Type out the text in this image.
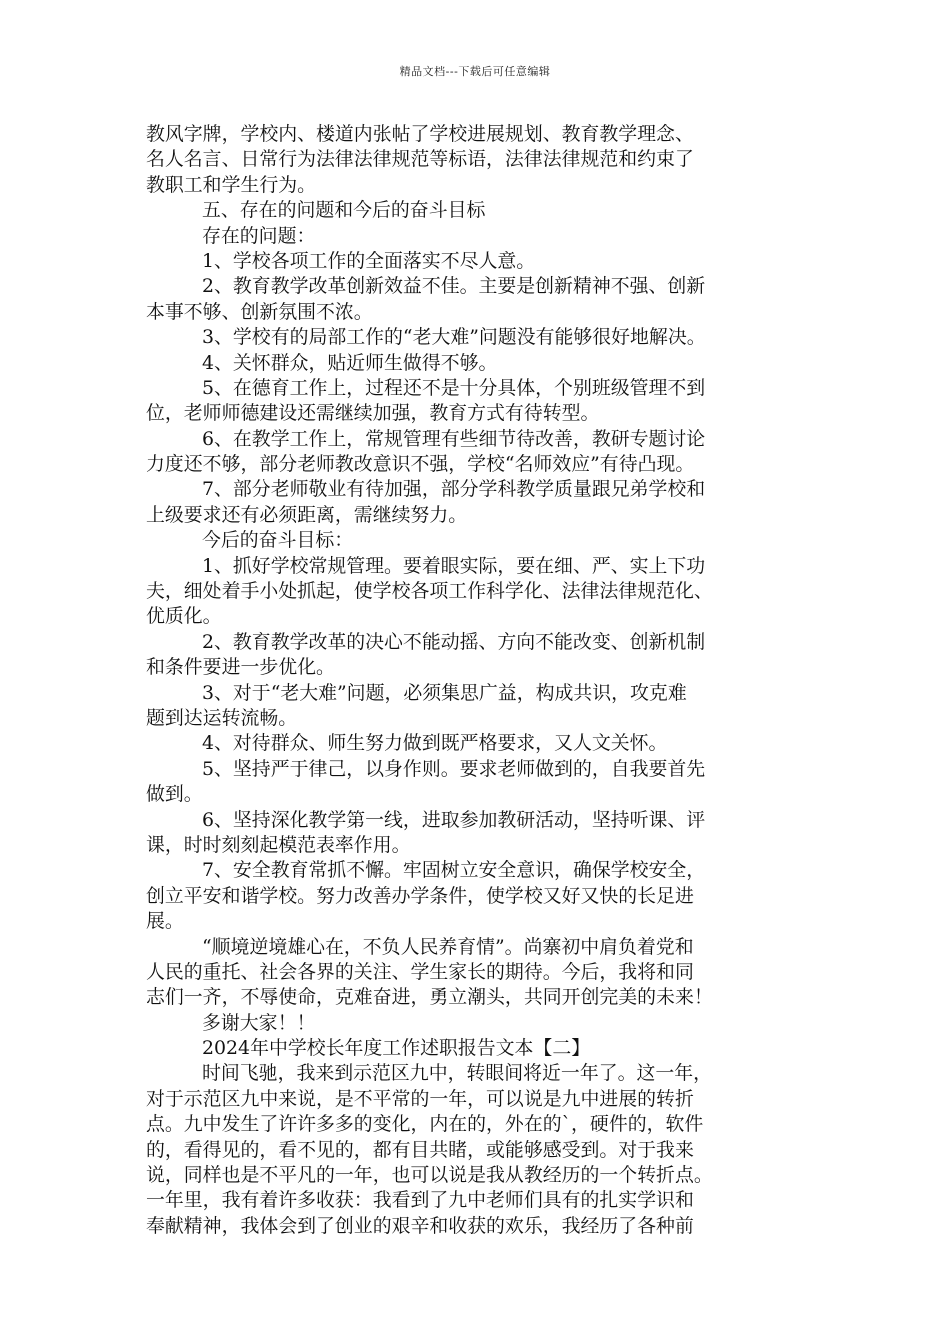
精品文档---下载后可任意编辑
教风字牌，学校内、楼道内张帖了学校进展规划、教育教学理念、
名人名言、日常行为法律法律规范等标语，法律法律规范和约束了
教职工和学生行为。
五、存在的问题和今后的奋斗目标
存在的问题：
1、学校各项工作的全面落实不尽人意。
2、教育教学改革创新效益不佳。主要是创新精神不强、创新
本事不够、创新氛围不浓。
3、学校有的局部工作的“老大难”问题没有能够很好地解决。
4、关怀群众，贴近师生做得不够。
5、在德育工作上，过程还不是十分具体，个别班级管理不到
位，老师师德建设还需继续加强，教育方式有待转型。
6、在教学工作上，常规管理有些细节待改善，教研专题讨论
力度还不够，部分老师教改意识不强，学校“名师效应”有待凸现。
7、部分老师敬业有待加强，部分学科教学质量跟兄弟学校和
上级要求还有必须距离，需继续努力。
今后的奋斗目标：
1、抓好学校常规管理。要着眼实际，要在细、严、实上下功
夫，细处着手小处抓起，使学校各项工作科学化、法律法律规范化、
优质化。
2、教育教学改革的决心不能动摇、方向不能改变、创新机制
和条件要进一步优化。
3、对于“老大难”问题，必须集思广益，构成共识，攻克难
题到达运转流畅。
4、对待群众、师生努力做到既严格要求，又人文关怀。
5、坚持严于律己，以身作则。要求老师做到的，自我要首先
做到。
6、坚持深化教学第一线，进取参加教研活动，坚持听课、评
课，时时刻刻起模范表率作用。
7、安全教育常抓不懈。牢固树立安全意识，确保学校安全，
创立平安和谐学校。努力改善办学条件，使学校又好又快的长足进
展。
“顺境逆境雄心在，不负人民养育情”。尚寨初中肩负着党和
人民的重托、社会各界的关注、学生家长的期待。今后，我将和同
志们一齐，不辱使命，克难奋进，勇立潮头，共同开创完美的未来！
多谢大家！！
2024年中学校长年度工作述职报告文本【二】
时间飞驰，我来到示范区九中，转眼间将近一年了。这一年，
对于示范区九中来说，是不平常的一年，可以说是九中进展的转折
点。九中发生了许许多多的变化，内在的，外在的`，硬件的，软件
的，看得见的，看不见的，都有目共睹，或能够感受到。对于我来
说，同样也是不平凡的一年，也可以说是我从教经历的一个转折点。
一年里，我有着许多收获：我看到了九中老师们具有的扎实学识和
奉献精神，我体会到了创业的艰辛和收获的欢乐，我经历了各种前
